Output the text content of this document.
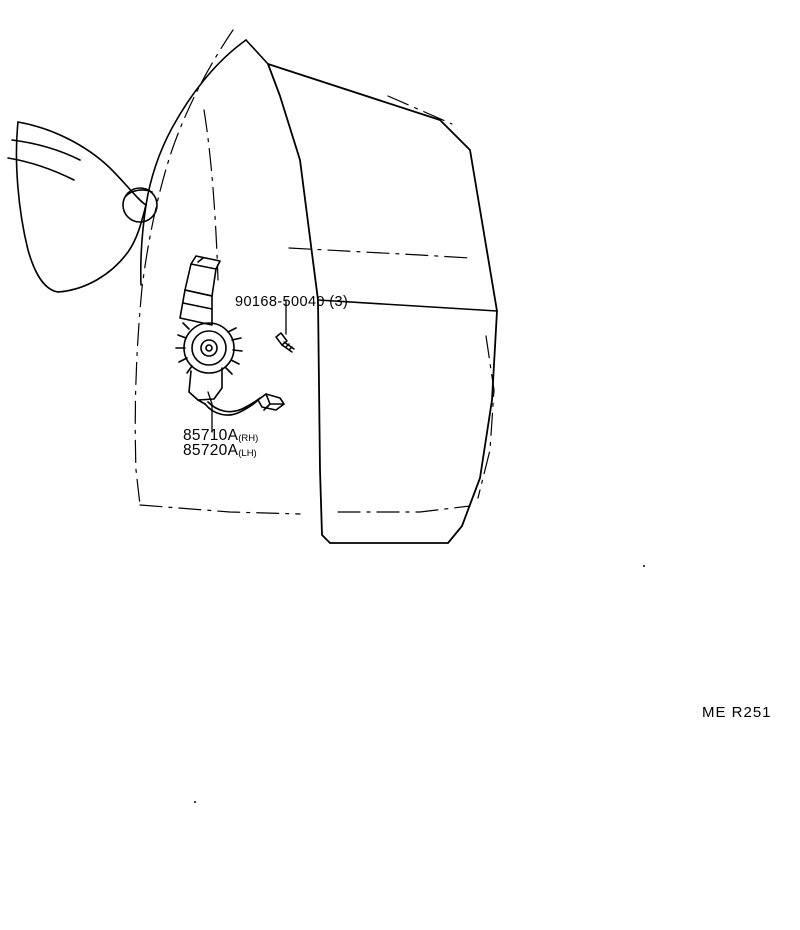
90168-50040 (3)
85710A(RH)
85720A(LH)
ME R251
